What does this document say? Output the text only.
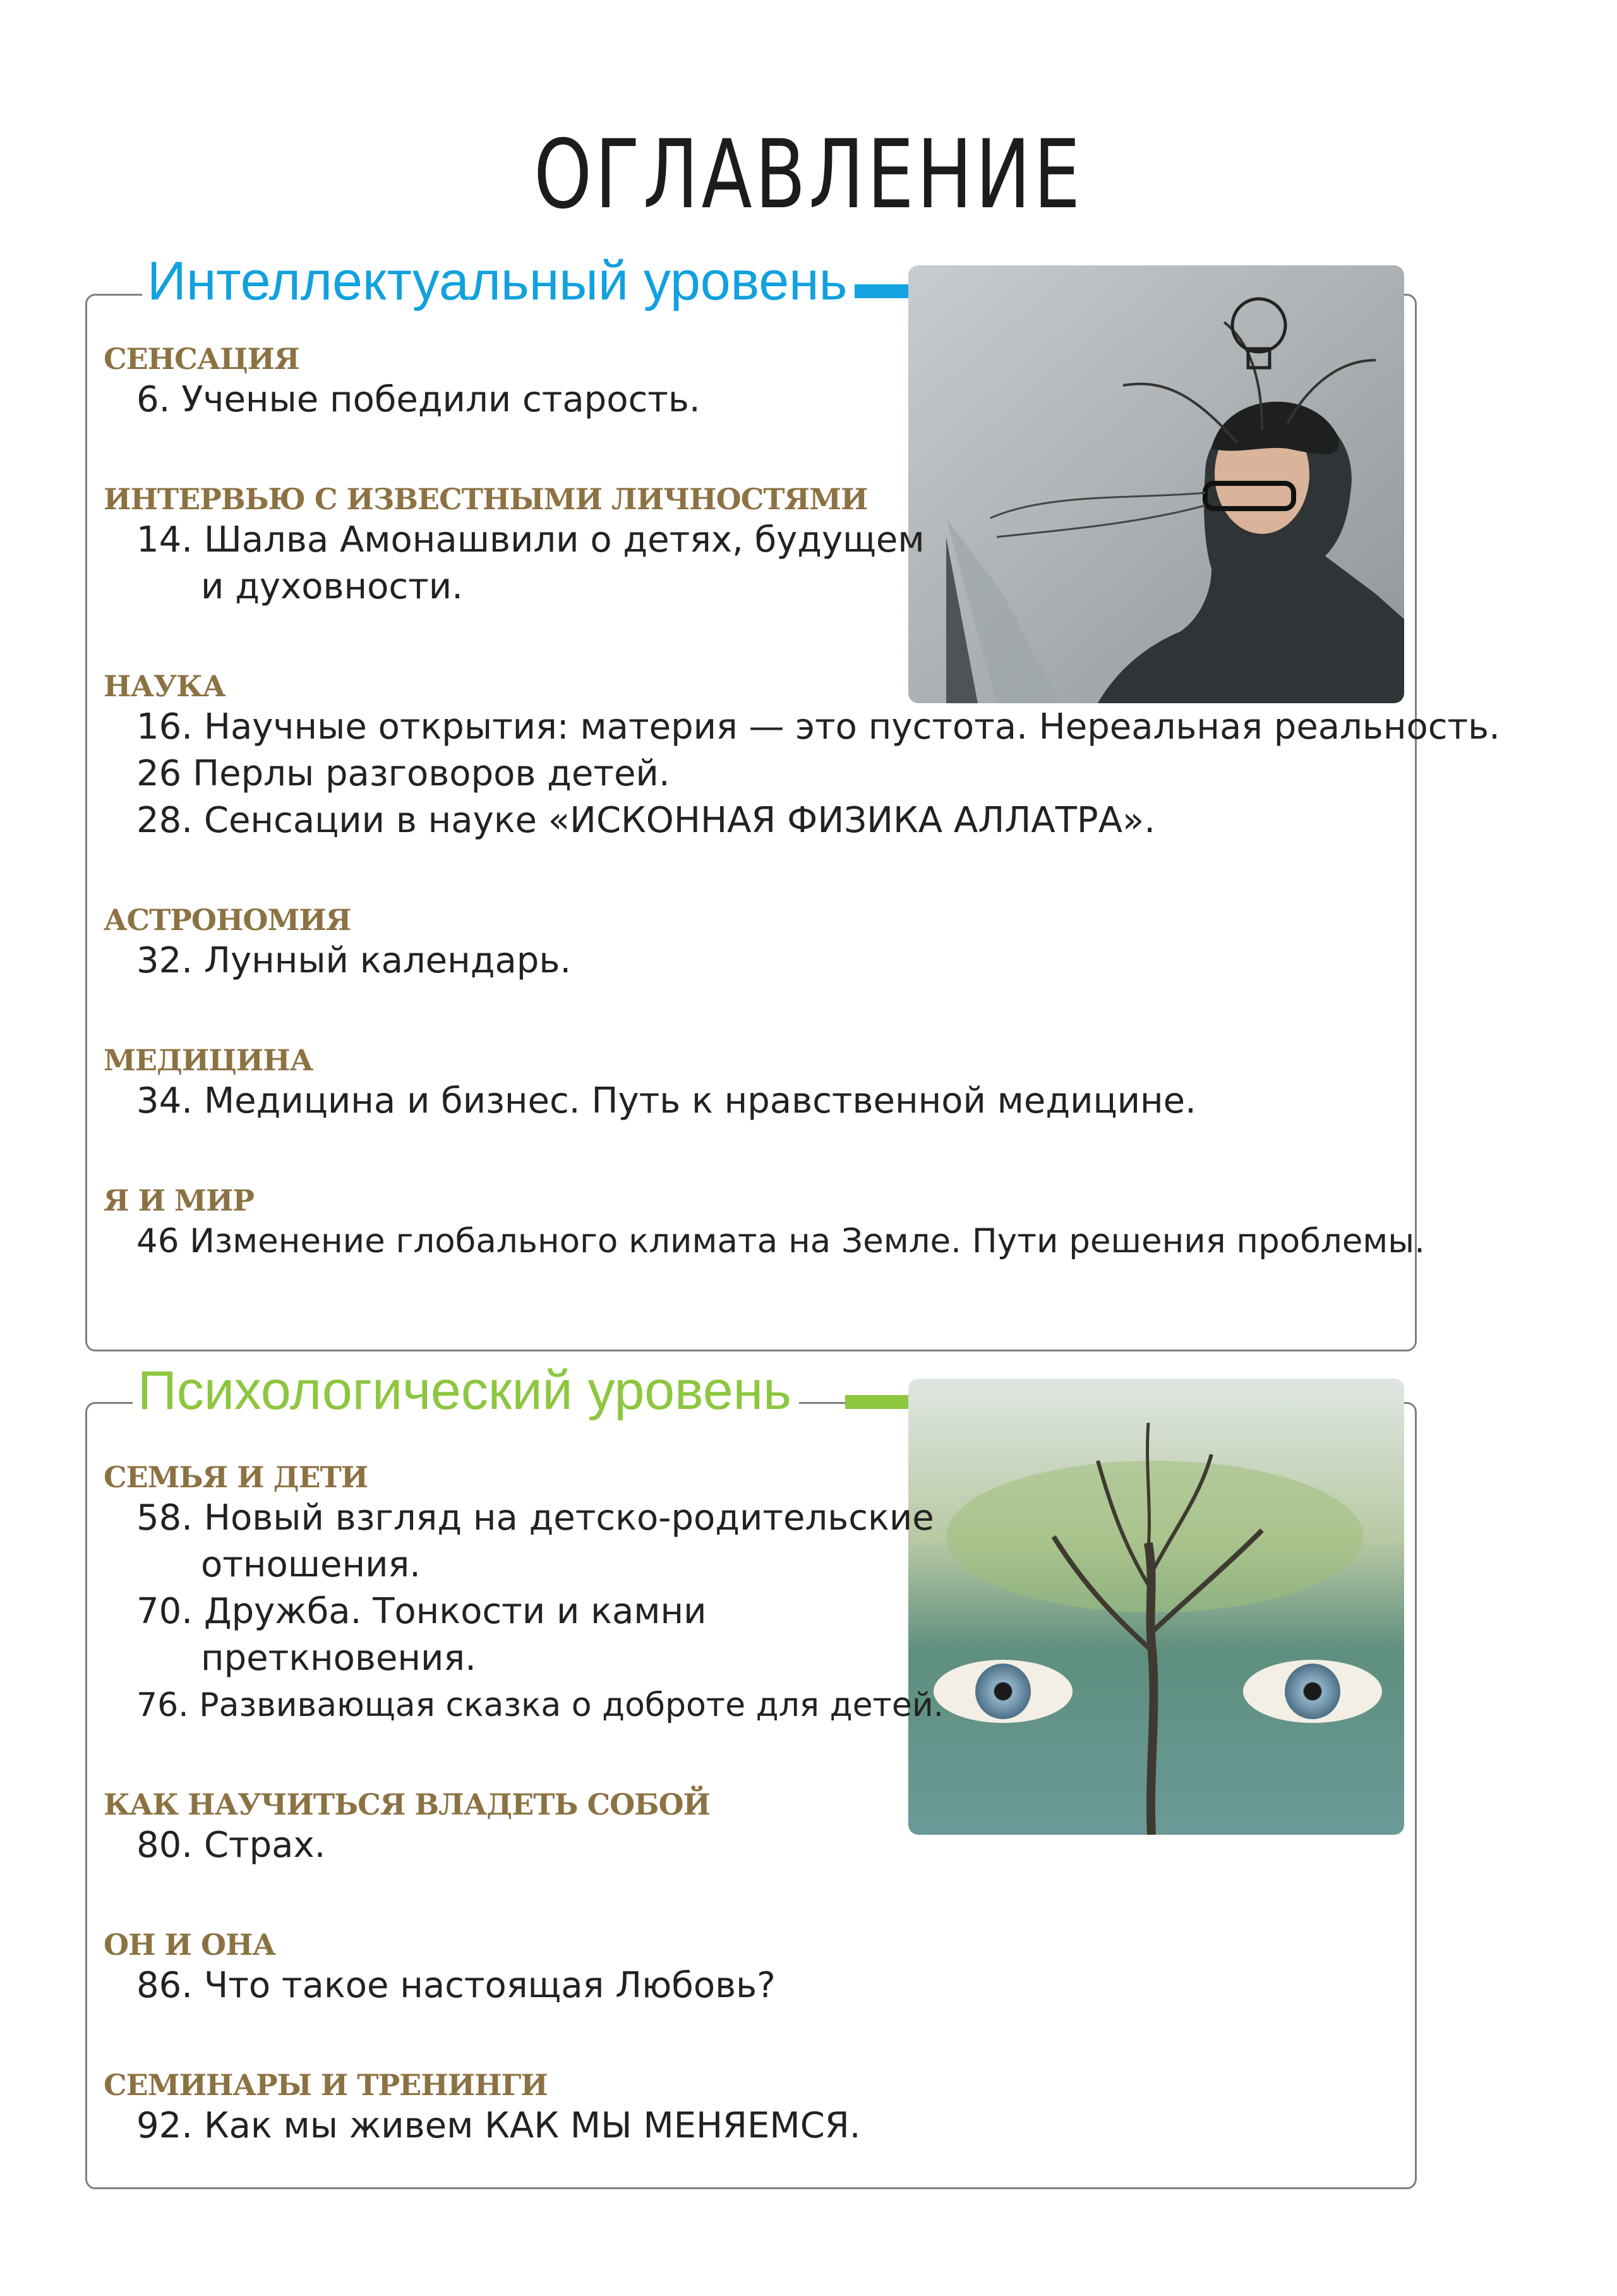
ОГЛАВЛЕНИЕ
Интеллектуальный уровень
СЕНСАЦИЯ
6. Ученые победили старость.
ИНТЕРВЬЮ С ИЗВЕСТНЫМИ ЛИЧНОСТЯМИ
14. Шалва Амонашвили о детях, будущем
и духовности.
НАУКА
16. Научные открытия: материя — это пустота. Нереальная реальность.
26 Перлы разговоров детей.
28. Сенсации в науке «ИСКОННАЯ ФИЗИКА АЛЛАТРА».
АСТРОНОМИЯ
32. Лунный календарь.
МЕДИЦИНА
34. Медицина и бизнес. Путь к нравственной медицине.
Я И МИР
46 Изменение глобального климата на Земле. Пути решения проблемы.
Психологический уровень
СЕМЬЯ И ДЕТИ
58. Новый взгляд на детско-родительские
отношения.
70. Дружба. Тонкости и камни
преткновения.
76. Развивающая сказка о доброте для детей.
КАК НАУЧИТЬСЯ ВЛАДЕТЬ СОБОЙ
80. Страх.
ОН И ОНА
86. Что такое настоящая Любовь?
СЕМИНАРЫ И ТРЕНИНГИ
92. Как мы живем КАК МЫ МЕНЯЕМСЯ.
